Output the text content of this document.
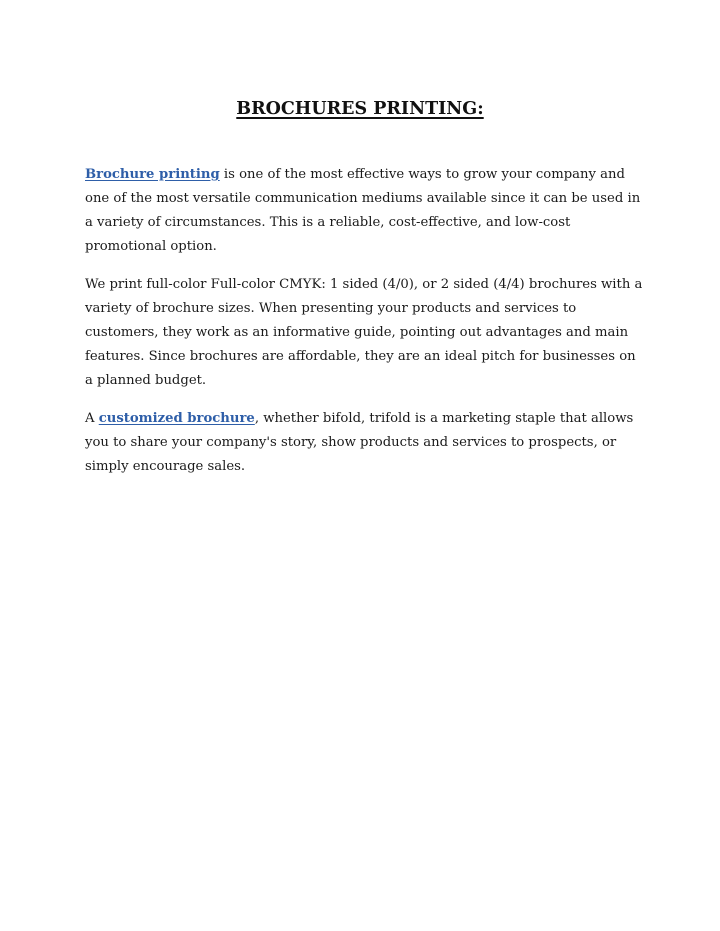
BROCHURES PRINTING:

Brochure printing is one of the most effective ways to grow your company and one of the most versatile communication mediums available since it can be used in a variety of circumstances. This is a reliable, cost-effective, and low-cost promotional option.

We print full-color Full-color CMYK: 1 sided (4/0), or 2 sided (4/4) brochures with a variety of brochure sizes. When presenting your products and services to customers, they work as an informative guide, pointing out advantages and main features. Since brochures are affordable, they are an ideal pitch for businesses on a planned budget.

A customized brochure, whether bifold, trifold is a marketing staple that allows you to share your company's story, show products and services to prospects, or simply encourage sales.
